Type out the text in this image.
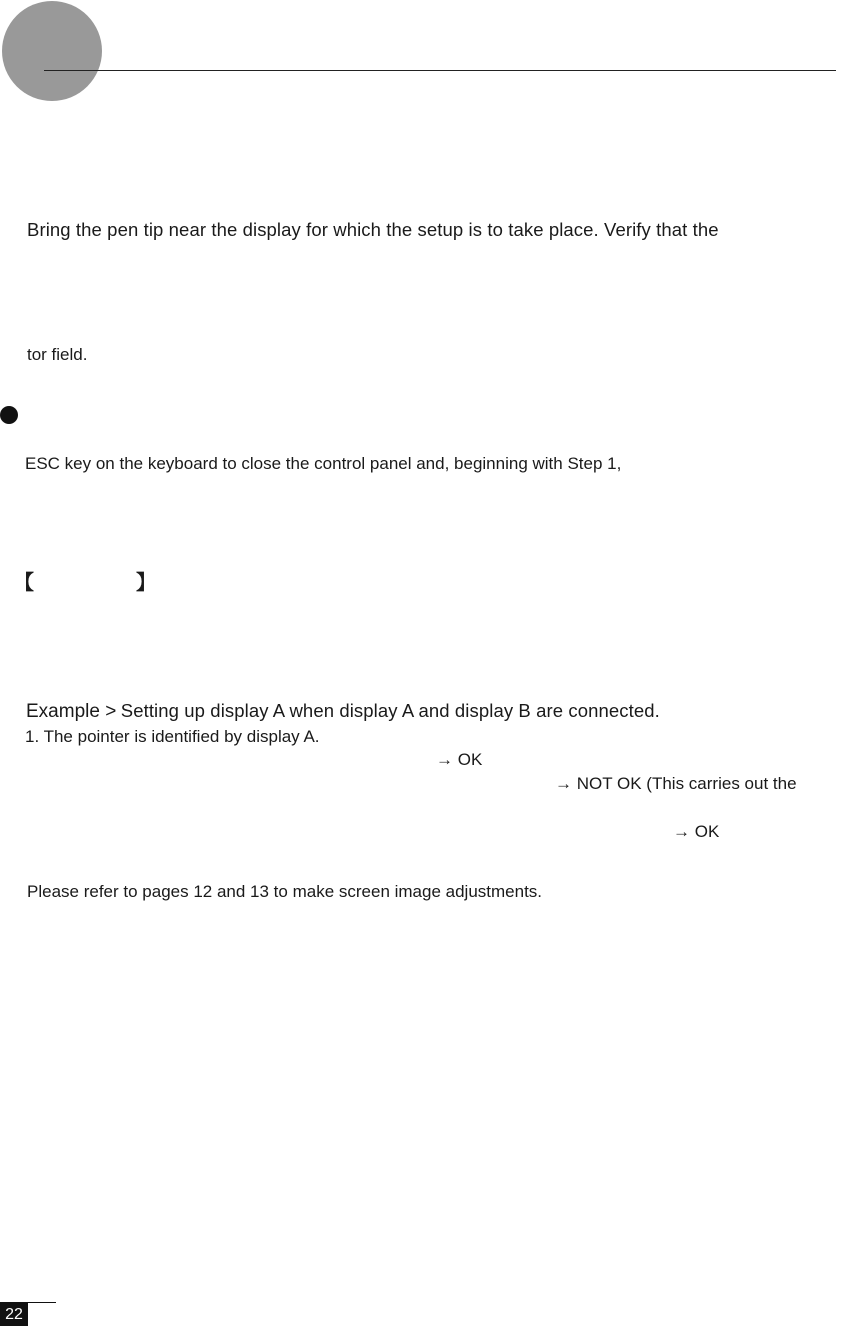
Bring the pen tip near the display for which the setup is to take place. Verify that the
tor field.
ESC key on the keyboard to close the control panel and, beginning with Step 1,
【	】
Example > Setting up display A when display A and display B are connected.
1. The pointer is identified by display A.
→ OK
→ NOT OK (This carries out the
→ OK
Please refer to pages 12 and 13 to make screen image adjustments.
22
